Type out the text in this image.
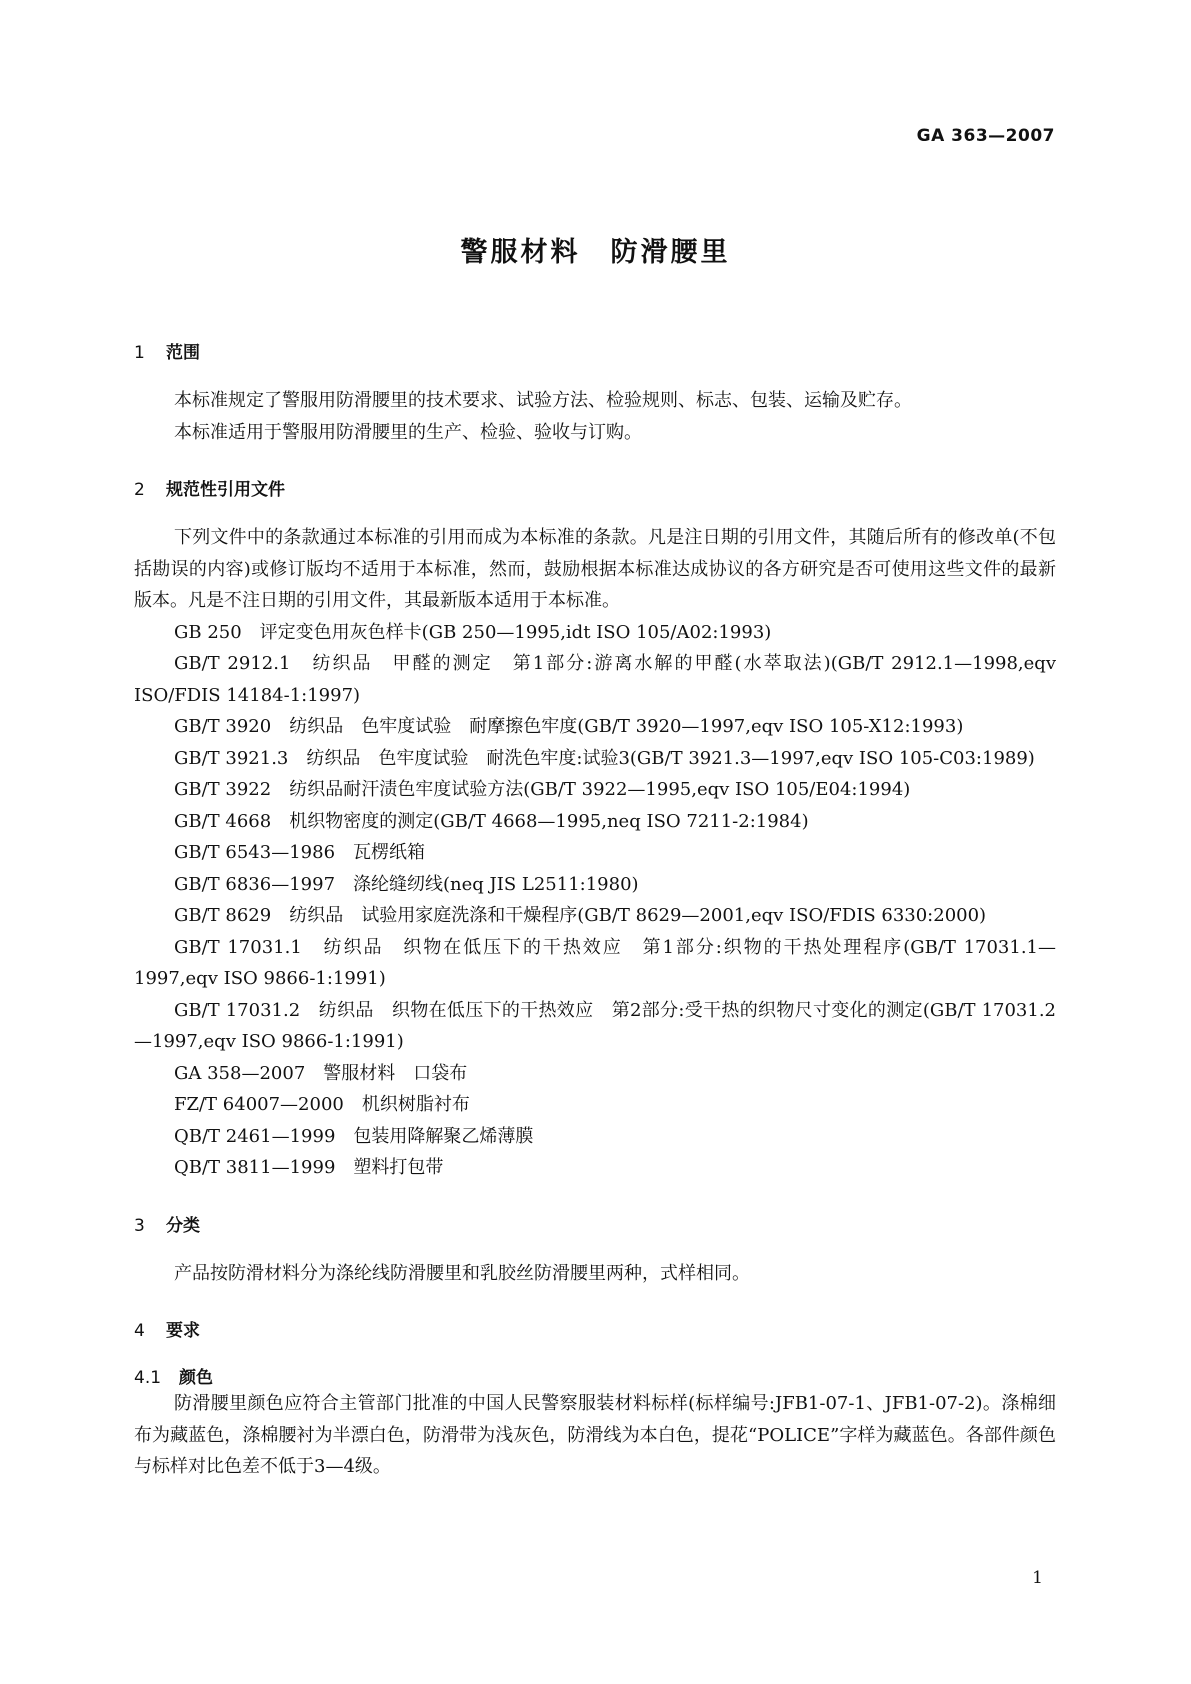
GA 363—2007
警服材料　防滑腰里
1 范围

本标准规定了警服用防滑腰里的技术要求、试验方法、检验规则、标志、包装、运输及贮存。

本标准适用于警服用防滑腰里的生产、检验、验收与订购。

2 规范性引用文件

下列文件中的条款通过本标准的引用而成为本标准的条款。凡是注日期的引用文件，其随后所有的修改单(不包括勘误的内容)或修订版均不适用于本标准，然而，鼓励根据本标准达成协议的各方研究是否可使用这些文件的最新版本。凡是不注日期的引用文件，其最新版本适用于本标准。

GB 250　评定变色用灰色样卡(GB 250—1995,idt ISO 105/A02:1993)

GB/T 2912.1　纺织品　甲醛的测定　第1部分:游离水解的甲醛(水萃取法)(GB/T 2912.1—1998,eqv ISO/FDIS 14184-1:1997)

GB/T 3920　纺织品　色牢度试验　耐摩擦色牢度(GB/T 3920—1997,eqv ISO 105-X12:1993)

GB/T 3921.3　纺织品　色牢度试验　耐洗色牢度:试验3(GB/T 3921.3—1997,eqv ISO 105-C03:1989)

GB/T 3922　纺织品耐汗渍色牢度试验方法(GB/T 3922—1995,eqv ISO 105/E04:1994)

GB/T 4668　机织物密度的测定(GB/T 4668—1995,neq ISO 7211-2:1984)

GB/T 6543—1986　瓦楞纸箱

GB/T 6836—1997　涤纶缝纫线(neq JIS L2511:1980)

GB/T 8629　纺织品　试验用家庭洗涤和干燥程序(GB/T 8629—2001,eqv ISO/FDIS 6330:2000)

GB/T 17031.1　纺织品　织物在低压下的干热效应　第1部分:织物的干热处理程序(GB/T 17031.1—1997,eqv ISO 9866-1:1991)

GB/T 17031.2　纺织品　织物在低压下的干热效应　第2部分:受干热的织物尺寸变化的测定(GB/T 17031.2—1997,eqv ISO 9866-1:1991)

GA 358—2007　警服材料　口袋布

FZ/T 64007—2000　机织树脂衬布

QB/T 2461—1999　包装用降解聚乙烯薄膜

QB/T 3811—1999　塑料打包带

3 分类

产品按防滑材料分为涤纶线防滑腰里和乳胶丝防滑腰里两种，式样相同。

4 要求
4.1 颜色

防滑腰里颜色应符合主管部门批准的中国人民警察服装材料标样(标样编号:JFB1-07-1、JFB1-07-2)。涤棉细布为藏蓝色，涤棉腰衬为半漂白色，防滑带为浅灰色，防滑线为本白色，提花“POLICE”字样为藏蓝色。各部件颜色与标样对比色差不低于3—4级。

1
